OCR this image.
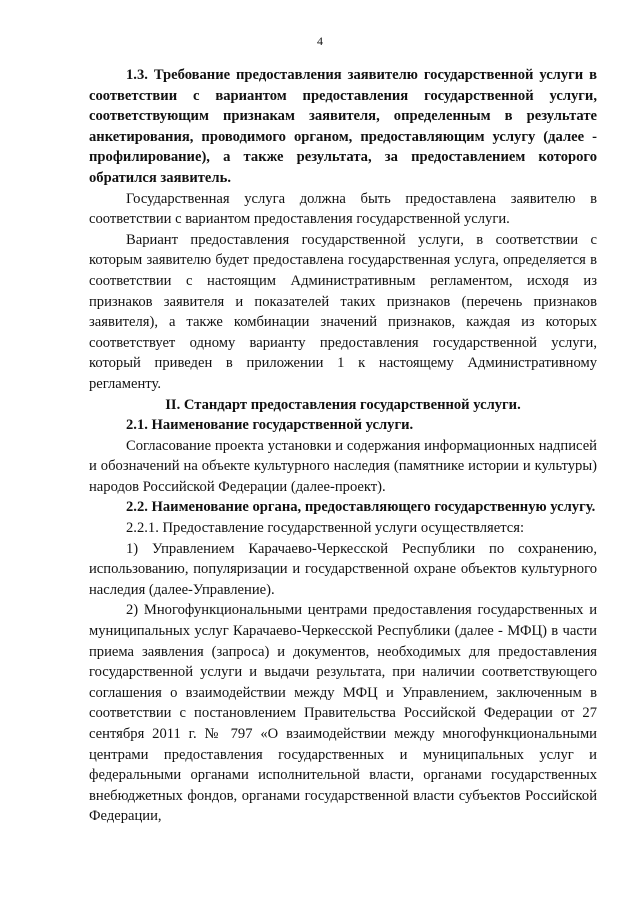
4

1.3. Требование предоставления заявителю государственной услуги в соответствии с вариантом предоставления государственной услуги, соответствующим признакам заявителя, определенным в результате анкетирования, проводимого органом, предоставляющим услугу (далее - профилирование), а также результата, за предоставлением которого обратился заявитель.

Государственная услуга должна быть предоставлена заявителю в соответствии с вариантом предоставления государственной услуги.

Вариант предоставления государственной услуги, в соответствии с которым заявителю будет предоставлена государственная услуга, определяется в соответствии с настоящим Административным регламентом, исходя из признаков заявителя и показателей таких признаков (перечень признаков заявителя), а также комбинации значений признаков, каждая из которых соответствует одному варианту предоставления государственной услуги, который приведен в приложении 1 к настоящему Административному регламенту.

II. Стандарт предоставления государственной услуги.

2.1. Наименование государственной услуги.

Согласование проекта установки и содержания информационных надписей и обозначений на объекте культурного наследия (памятнике истории и культуры) народов Российской Федерации (далее-проект).

2.2. Наименование органа, предоставляющего государственную услугу.

2.2.1. Предоставление государственной услуги осуществляется:

1) Управлением Карачаево-Черкесской Республики по сохранению, использованию, популяризации и государственной охране объектов культурного наследия (далее-Управление).

2) Многофункциональными центрами предоставления государственных и муниципальных услуг Карачаево-Черкесской Республики (далее - МФЦ) в части приема заявления (запроса) и документов, необходимых для предоставления государственной услуги и выдачи результата, при наличии соответствующего соглашения о взаимодействии между МФЦ и Управлением, заключенным в соответствии с постановлением Правительства Российской Федерации от 27 сентября 2011 г. № 797 «О взаимодействии между многофункциональными центрами предоставления государственных и муниципальных услуг и федеральными органами исполнительной власти, органами государственных внебюджетных фондов, органами государственной власти субъектов Российской Федерации,
